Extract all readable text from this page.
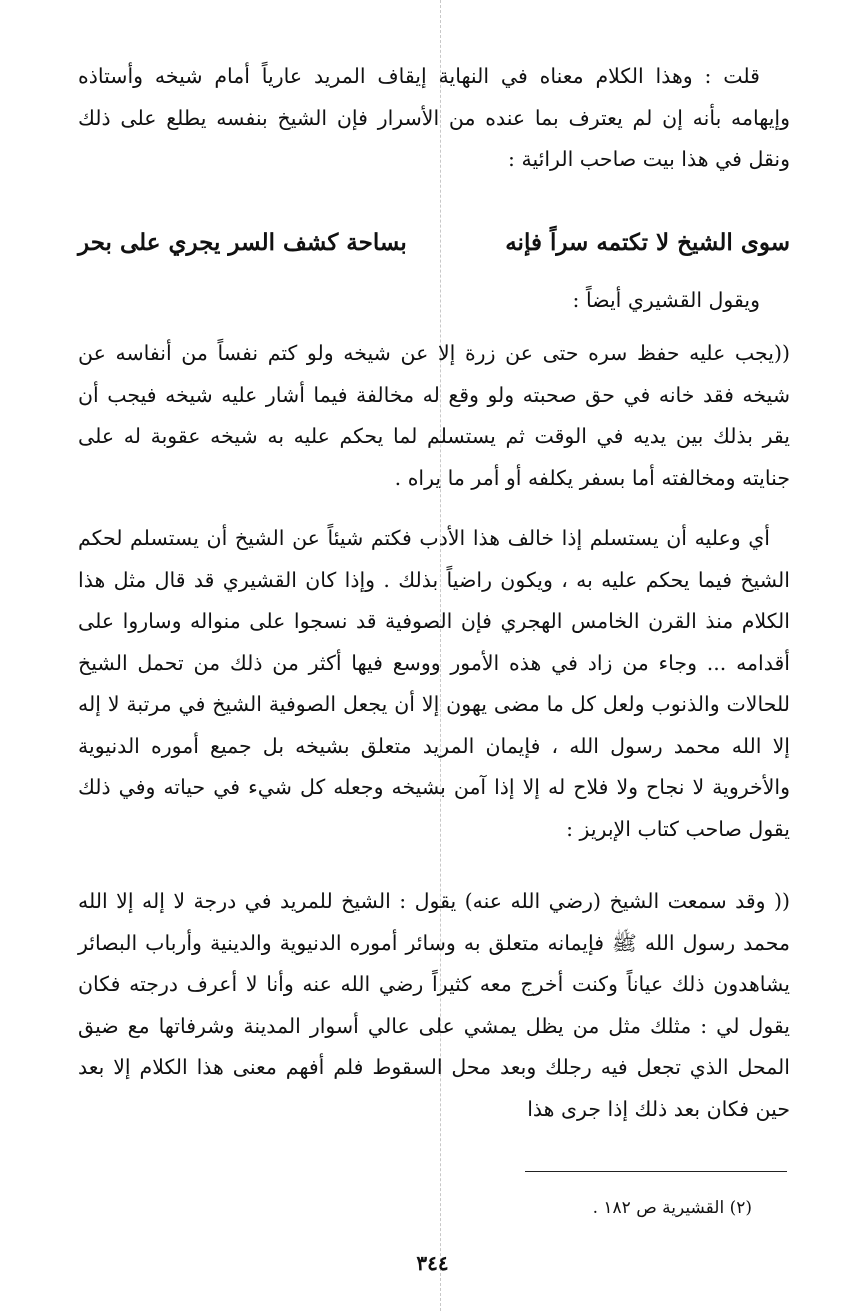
قلت : وهذا الكلام معناه في النهاية إيقاف المريد عارياً أمام شيخه وأستاذه وإيهامه بأنه إن لم يعترف بما عنده من الأسرار فإن الشيخ بنفسه يطلع على ذلك ونقل في هذا بيت صاحب الرائية :

سوى الشيخ لا تكتمه سراً فإنه
بساحة كشف السر يجري على بحر

ويقول القشيري أيضاً :

((يجب عليه حفظ سره حتى عن زرة إلا عن شيخه ولو كتم نفساً من أنفاسه عن شيخه فقد خانه في حق صحبته ولو وقع له مخالفة فيما أشار عليه شيخه فيجب أن يقر بذلك بين يديه في الوقت ثم يستسلم لما يحكم عليه به شيخه عقوبة له على جنايته ومخالفته أما بسفر يكلفه أو أمر ما يراه .

أي وعليه أن يستسلم إذا خالف هذا الأدب فكتم شيئاً عن الشيخ أن يستسلم لحكم الشيخ فيما يحكم عليه به ، ويكون راضياً بذلك . وإذا كان القشيري قد قال مثل هذا الكلام منذ القرن الخامس الهجري فإن الصوفية قد نسجوا على منواله وساروا على أقدامه ... وجاء من زاد في هذه الأمور ووسع فيها أكثر من ذلك من تحمل الشيخ للحالات والذنوب ولعل كل ما مضى يهون إلا أن يجعل الصوفية الشيخ في مرتبة لا إله إلا الله محمد رسول الله ، فإيمان المريد متعلق بشيخه بل جميع أموره الدنيوية والأخروية لا نجاح ولا فلاح له إلا إذا آمن بشيخه وجعله كل شيء في حياته وفي ذلك يقول صاحب كتاب الإبريز :

(( وقد سمعت الشيخ (رضي الله عنه) يقول : الشيخ للمريد في درجة لا إله إلا الله محمد رسول الله ﷺ فإيمانه متعلق به وسائر أموره الدنيوية والدينية وأرباب البصائر يشاهدون ذلك عياناً وكنت أخرج معه كثيراً رضي الله عنه وأنا لا أعرف درجته فكان يقول لي : مثلك مثل من يظل يمشي على عالي أسوار المدينة وشرفاتها مع ضيق المحل الذي تجعل فيه رجلك وبعد محل السقوط فلم أفهم معنى هذا الكلام إلا بعد حين فكان بعد ذلك إذا جرى هذا

(٢) القشيرية ص ١٨٢ .
٣٤٤
